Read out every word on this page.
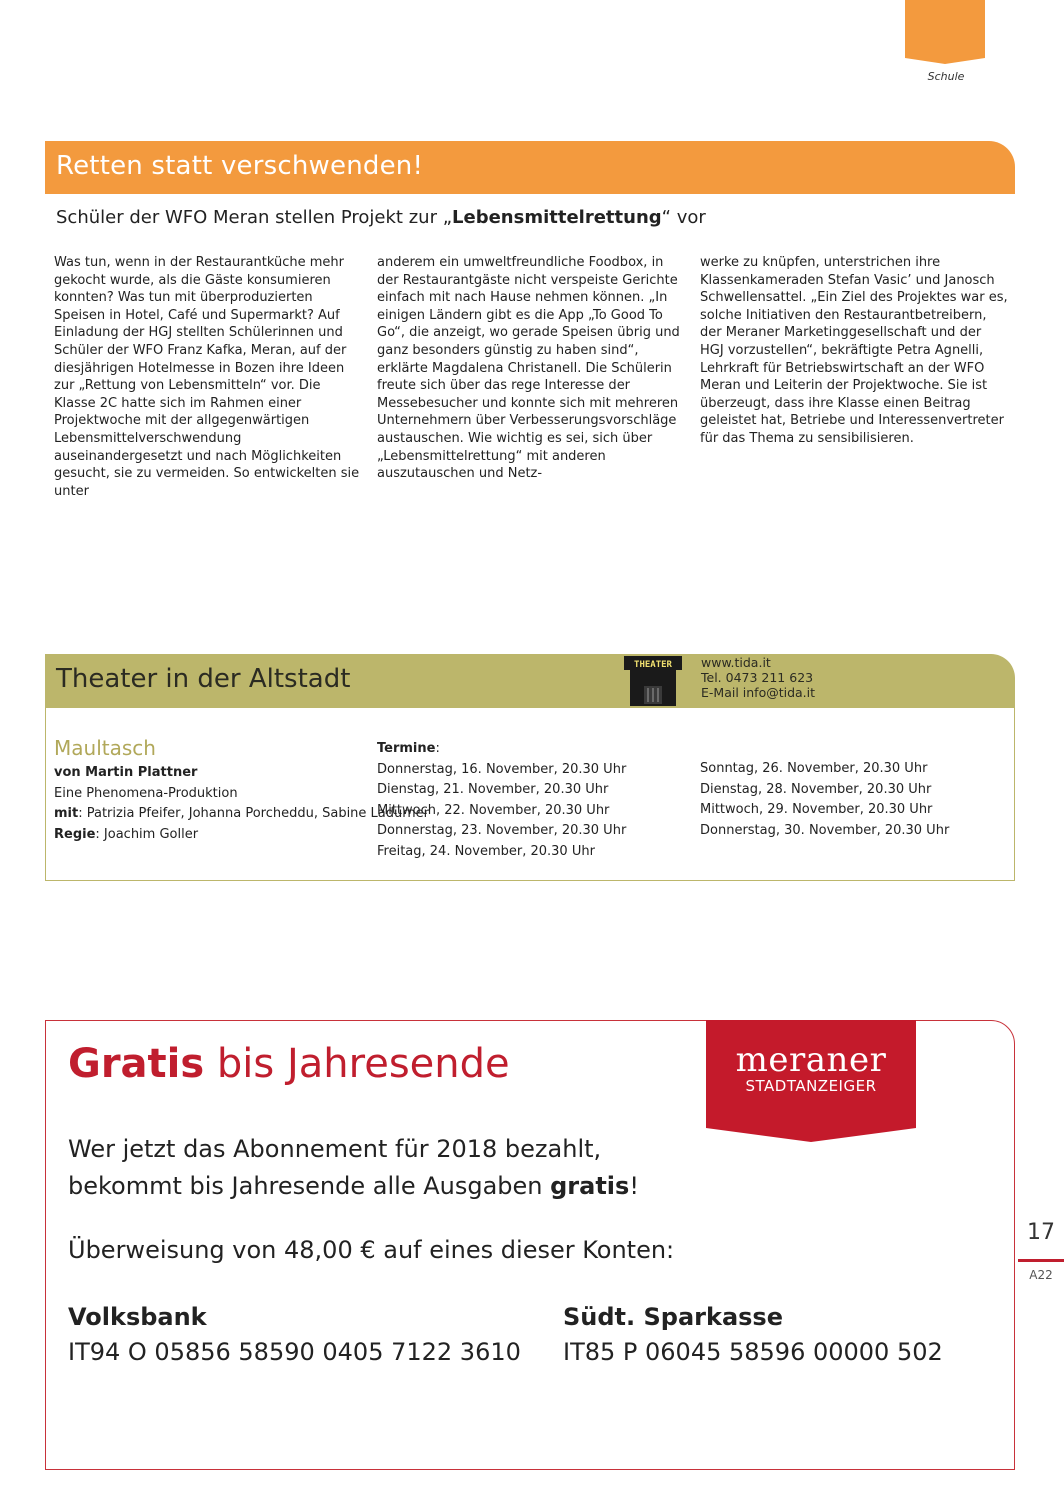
Schule
Retten statt verschwenden!
Schüler der WFO Meran stellen Projekt zur „Lebensmittelrettung“ vor
Was tun, wenn in der Restaurantküche mehr gekocht wurde, als die Gäste konsumieren konnten? Was tun mit überproduzierten Speisen in Hotel, Café und Supermarkt? Auf Einladung der HGJ stellten Schülerinnen und Schüler der WFO Franz Kafka, Meran, auf der diesjährigen Hotelmesse in Bozen ihre Ideen zur „Rettung von Lebensmitteln“ vor. Die Klasse 2C hatte sich im Rahmen einer Projektwoche mit der allgegenwärtigen Lebensmittelverschwendung auseinandergesetzt und nach Möglichkeiten gesucht, sie zu vermeiden. So entwickelten sie unter
anderem ein umweltfreundliche Foodbox, in der Restaurantgäste nicht verspeiste Gerichte einfach mit nach Hause nehmen können. „In einigen Ländern gibt es die App „To Good To Go“, die anzeigt, wo gerade Speisen übrig und ganz besonders günstig zu haben sind“, erklärte Magdalena Christanell. Die Schülerin freute sich über das rege Interesse der Messebesucher und konnte sich mit mehreren Unternehmern über Verbesserungsvorschläge austauschen. Wie wichtig es sei, sich über „Lebensmittelrettung“ mit anderen auszutauschen und Netz-
werke zu knüpfen, unterstrichen ihre Klassenkameraden Stefan Vasic’ und Janosch Schwellensattel. „Ein Ziel des Projektes war es, solche Initiativen den Restaurantbetreibern, der Meraner Marketinggesellschaft und der HGJ vorzustellen“, bekräftigte Petra Agnelli, Lehrkraft für Betriebswirtschaft an der WFO Meran und Leiterin der Projektwoche. Sie ist überzeugt, dass ihre Klasse einen Beitrag geleistet hat, Betriebe und Interessenvertreter für das Thema zu sensibilisieren.
Theater in der Altstadt	THEATER www.tida.it
Tel. 0473 211 623
E-Mail info@tida.it
Maultasch
von Martin Plattner
Eine Phenomena-Produktion
mit: Patrizia Pfeifer, Johanna Porcheddu, Sabine Ladurner
Regie: Joachim Goller
Termine:
Donnerstag, 16. November, 20.30 Uhr
Dienstag, 21. November, 20.30 Uhr
Mittwoch, 22. November, 20.30 Uhr
Donnerstag, 23. November, 20.30 Uhr
Freitag, 24. November, 20.30 Uhr
Sonntag, 26. November, 20.30 Uhr
Dienstag, 28. November, 20.30 Uhr
Mittwoch, 29. November, 20.30 Uhr
Donnerstag, 30. November, 20.30 Uhr
Gratis bis Jahresende	meraner
STADTANZEIGER
Wer jetzt das Abonnement für 2018 bezahlt,
bekommt bis Jahresende alle Ausgaben gratis!
Überweisung von 48,00 € auf eines dieser Konten:
Volksbank
IT94 O 05856 58590 0405 7122 3610
Südt. Sparkasse
IT85 P 06045 58596 00000 502
17
A22
